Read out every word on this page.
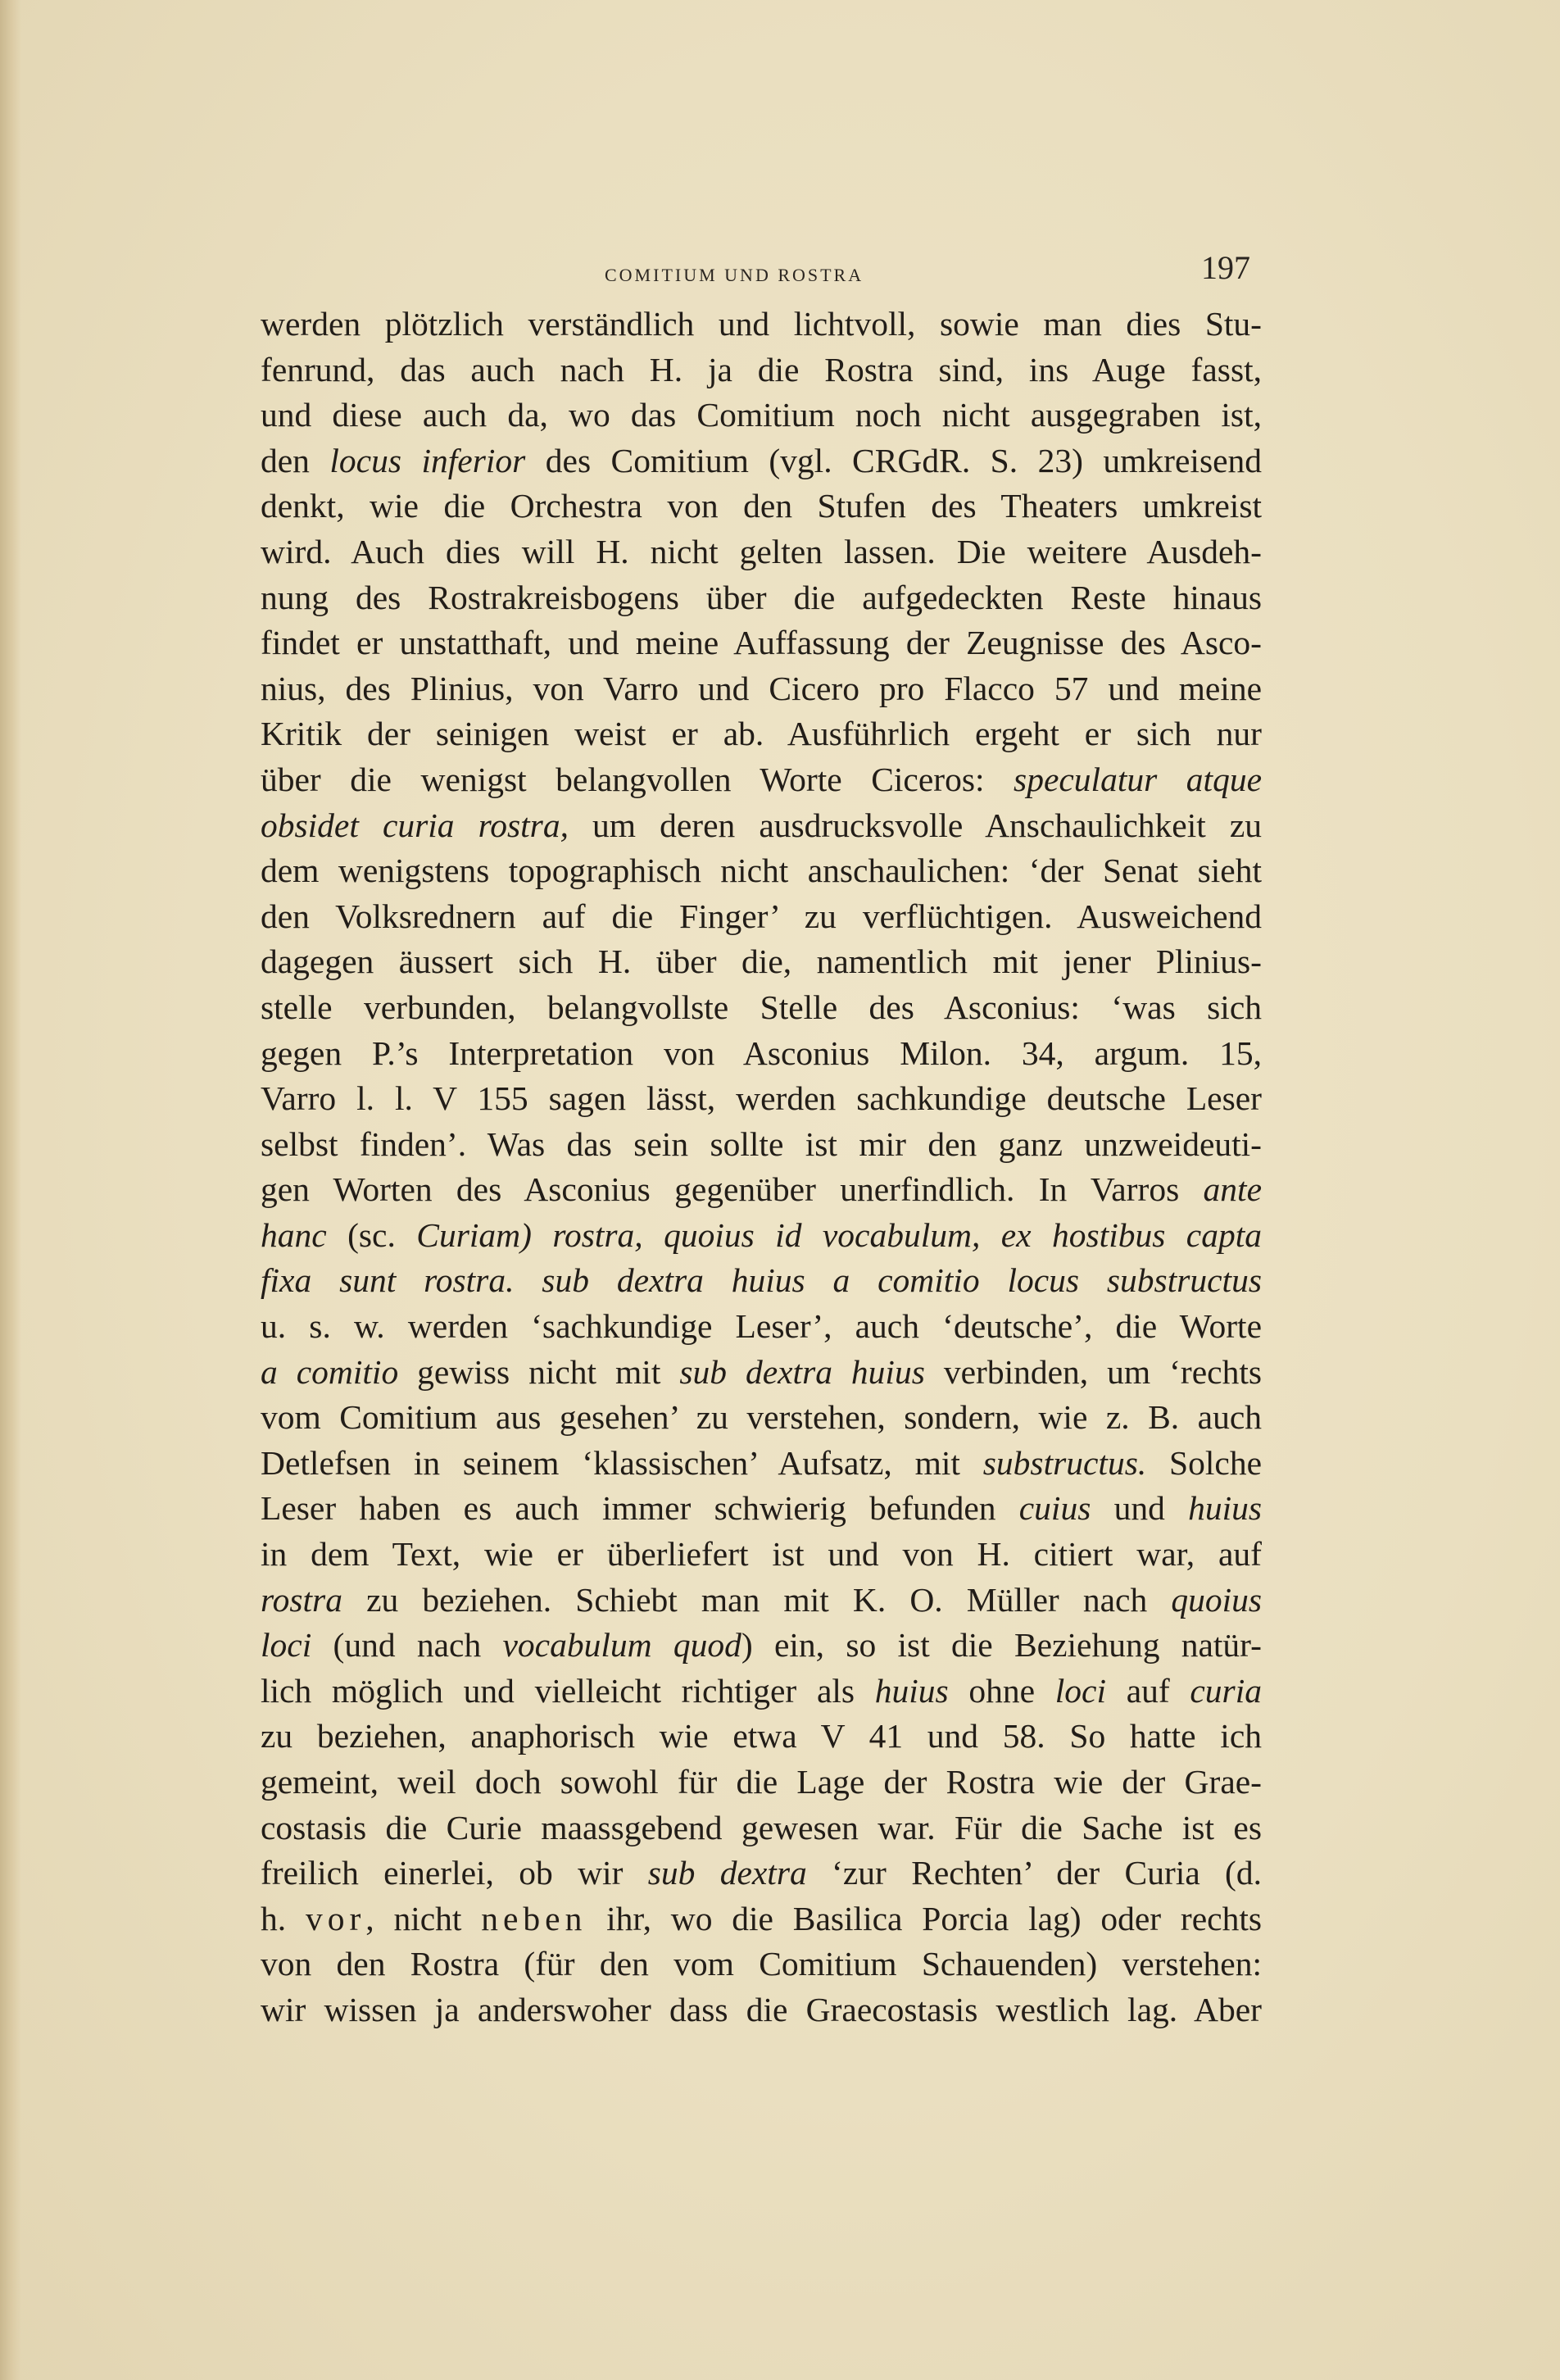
COMITIUM UND ROSTRA	197
werden plötzlich verständlich und lichtvoll, sowie man dies Stu-
fenrund, das auch nach H. ja die Rostra sind, ins Auge fasst,
und diese auch da, wo das Comitium noch nicht ausgegraben ist,
den locus inferior des Comitium (vgl. CRGdR. S. 23) umkreisend
denkt, wie die Orchestra von den Stufen des Theaters umkreist
wird. Auch dies will H. nicht gelten lassen. Die weitere Ausdeh-
nung des Rostrakreisbogens über die aufgedeckten Reste hinaus
findet er unstatthaft, und meine Auffassung der Zeugnisse des Asco-
nius, des Plinius, von Varro und Cicero pro Flacco 57 und meine
Kritik der seinigen weist er ab. Ausführlich ergeht er sich nur
über die wenigst belangvollen Worte Ciceros: speculatur atque
obsidet curia rostra, um deren ausdrucksvolle Anschaulichkeit zu
dem wenigstens topographisch nicht anschaulichen: ‘der Senat sieht
den Volksrednern auf die Finger’ zu verflüchtigen. Ausweichend
dagegen äussert sich H. über die, namentlich mit jener Plinius-
stelle verbunden, belangvollste Stelle des Asconius: ‘was sich
gegen P.’s Interpretation von Asconius Milon. 34, argum. 15,
Varro l. l. V 155 sagen lässt, werden sachkundige deutsche Leser
selbst finden’. Was das sein sollte ist mir den ganz unzweideuti-
gen Worten des Asconius gegenüber unerfindlich. In Varros ante
hanc (sc. Curiam) rostra, quoius id vocabulum, ex hostibus capta
fixa sunt rostra. sub dextra huius a comitio locus substructus
u. s. w. werden ‘sachkundige Leser’, auch ‘deutsche’, die Worte
a comitio gewiss nicht mit sub dextra huius verbinden, um ‘rechts
vom Comitium aus gesehen’ zu verstehen, sondern, wie z. B. auch
Detlefsen in seinem ‘klassischen’ Aufsatz, mit substructus. Solche
Leser haben es auch immer schwierig befunden cuius und huius
in dem Text, wie er überliefert ist und von H. citiert war, auf
rostra zu beziehen. Schiebt man mit K. O. Müller nach quoius
loci (und nach vocabulum quod) ein, so ist die Beziehung natür-
lich möglich und vielleicht richtiger als huius ohne loci auf curia
zu beziehen, anaphorisch wie etwa V 41 und 58. So hatte ich
gemeint, weil doch sowohl für die Lage der Rostra wie der Grae-
costasis die Curie maassgebend gewesen war. Für die Sache ist es
freilich einerlei, ob wir sub dextra ‘zur Rechten’ der Curia (d.
h. vor, nicht neben ihr, wo die Basilica Porcia lag) oder rechts
von den Rostra (für den vom Comitium Schauenden) verstehen:
wir wissen ja anderswoher dass die Graecostasis westlich lag. Aber
